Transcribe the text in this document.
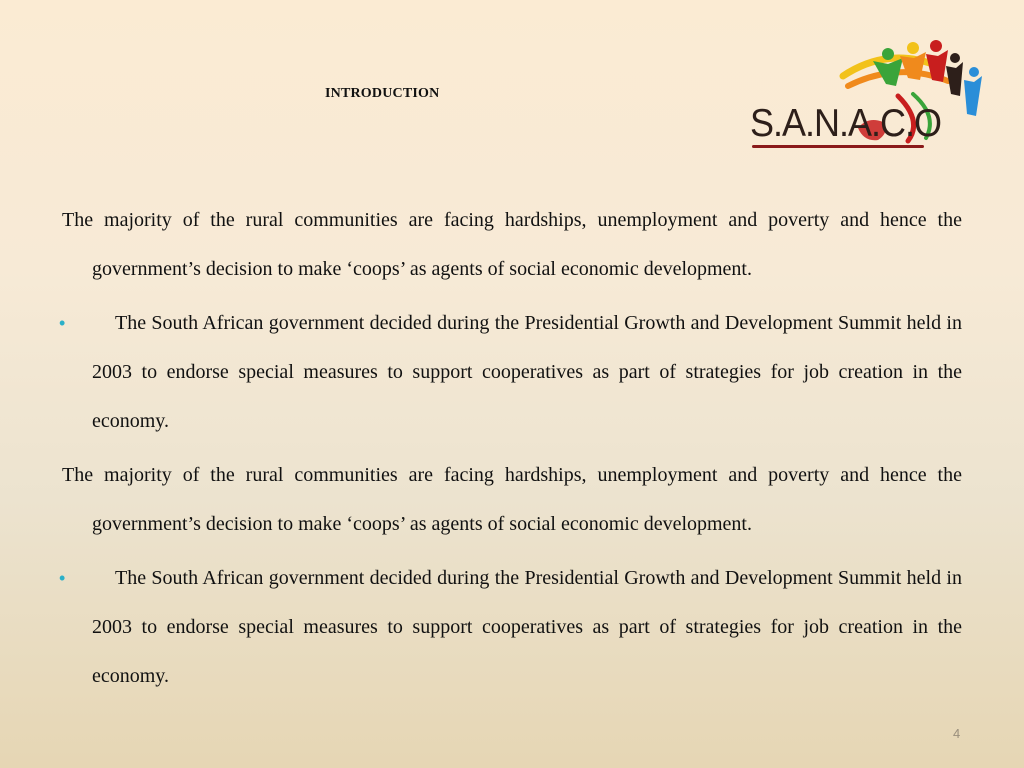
INTRODUCTION
S.A.N.A.C.O

The majority of the rural communities are facing hardships, unemployment and poverty and hence the government’s decision to make ‘coops’ as agents of social economic development.

• The South African government decided during the Presidential Growth and Development Summit held in 2003 to endorse special measures to support cooperatives as part of strategies for job creation in the economy.

The majority of the rural communities are facing hardships, unemployment and poverty and hence the government’s decision to make ‘coops’ as agents of social economic development.

• The South African government decided during the Presidential Growth and Development Summit held in 2003 to endorse special measures to support cooperatives as part of strategies for job creation in the economy.

4
